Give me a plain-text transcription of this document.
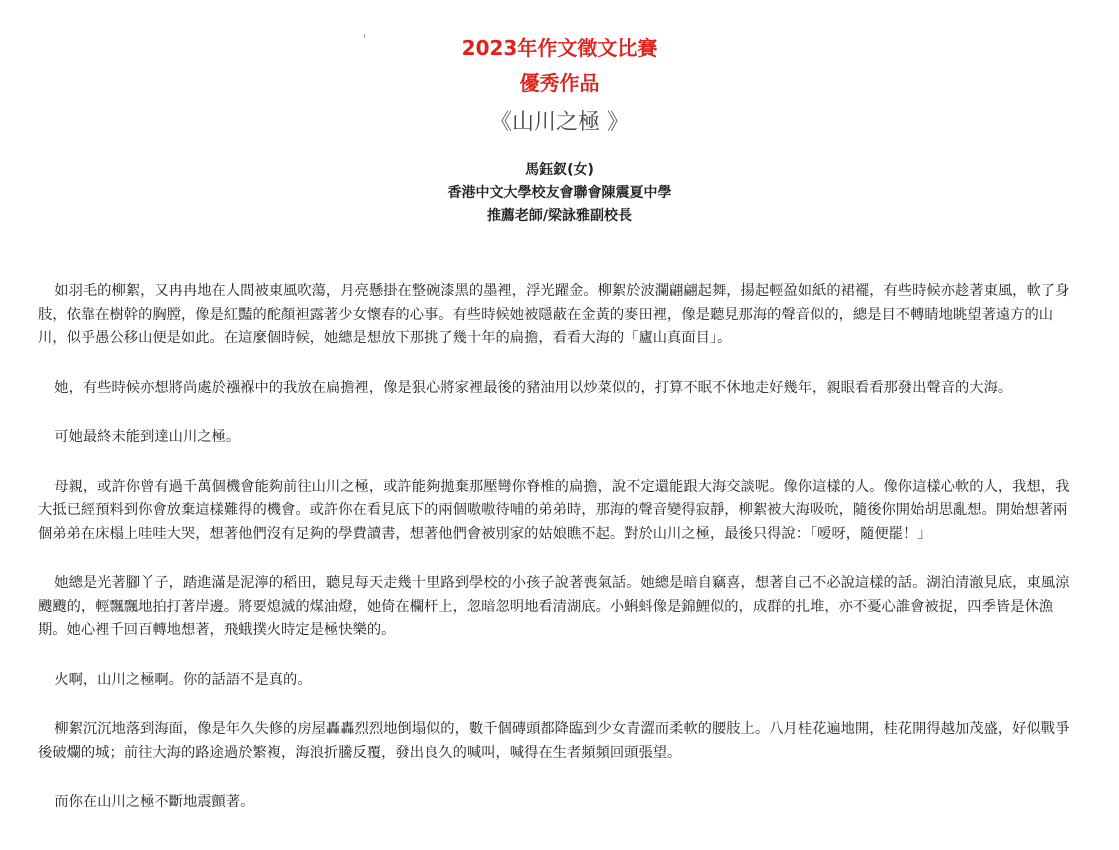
2023年作文徵文比賽
優秀作品
《山川之極 》
馬鈺釵(女)
香港中文大學校友會聯會陳震夏中學
推薦老師/梁詠雅副校長

　如羽毛的柳絮，又冉冉地在人間被東風吹蕩，月亮懸掛在整碗漆黑的墨裡，浮光躍金。柳絮於波瀾翩翩起舞，揚起輕盈如紙的裙襬，有些時候亦趁著東風，軟了身肢，依靠在樹幹的胸膛，像是紅豔的酡顏袒露著少女懷春的心事。有些時候她被隱蔽在金黃的麥田裡，像是聽見那海的聲音似的，總是目不轉睛地眺望著遠方的山川，似乎愚公移山便是如此。在這麼個時候，她總是想放下那挑了幾十年的扁擔，看看大海的「廬山真面目」。

　她，有些時候亦想將尚處於襁褓中的我放在扁擔裡，像是狠心將家裡最後的豬油用以炒菜似的，打算不眠不休地走好幾年，親眼看看那發出聲音的大海。

　可她最終未能到達山川之極。

　母親，或許你曾有過千萬個機會能夠前往山川之極，或許能夠拋棄那壓彎你脊椎的扁擔，說不定還能跟大海交談呢。像你這樣的人。像你這樣心軟的人，我想，我大抵已經預料到你會放棄這樣難得的機會。或許你在看見底下的兩個嗷嗷待哺的弟弟時，那海的聲音變得寂靜，柳絮被大海吸吮，隨後你開始胡思亂想。開始想著兩個弟弟在床榻上哇哇大哭，想著他們沒有足夠的學費讀書，想著他們會被別家的姑娘瞧不起。對於山川之極，最後只得說：「嗳呀，隨便罷！」

　她總是光著腳丫子，踏進滿是泥濘的稻田，聽見每天走幾十里路到學校的小孩子說著喪氣話。她總是暗自竊喜，想著自己不必說這樣的話。湖泊清澈見底，東風涼颼颼的，輕飄飄地拍打著岸邊。將要熄滅的煤油燈，她倚在欄杆上，忽暗忽明地看清湖底。小蝌蚪像是錦鯉似的，成群的扎堆，亦不憂心誰會被捉，四季皆是休漁期。她心裡千回百轉地想著，飛蛾撲火時定是極快樂的。

　火啊，山川之極啊。你的話語不是真的。

　柳絮沉沉地落到海面，像是年久失修的房屋轟轟烈烈地倒塌似的，數千個磚頭都降臨到少女青澀而柔軟的腰肢上。八月桂花遍地開，桂花開得越加茂盛，好似戰爭後破爛的城；前往大海的路途過於繁複，海浪折騰反覆，發出良久的喊叫，喊得在生者頻頻回頭張望。

　而你在山川之極不斷地震顫著。
